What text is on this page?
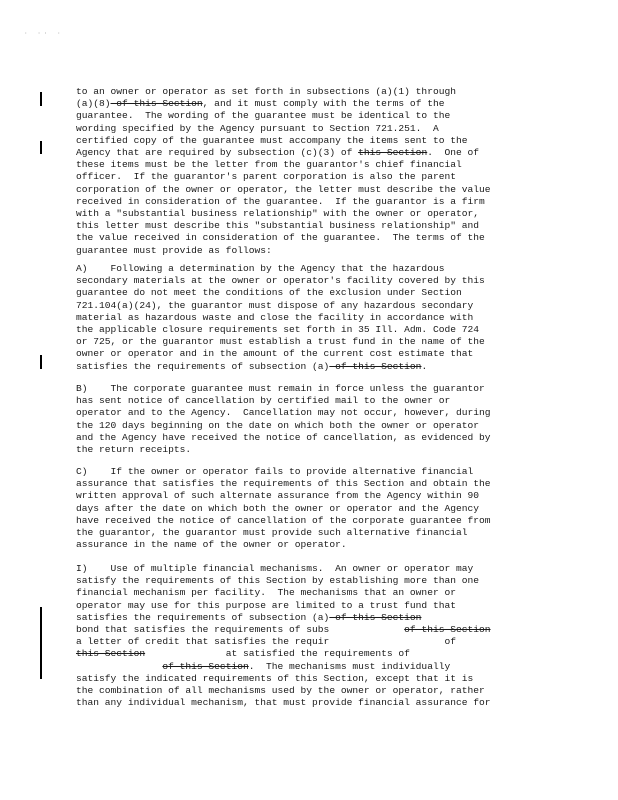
· ·· ·
to an owner or operator as set forth in subsections (a)(1) through
(a)(8) of this Section, and it must comply with the terms of the
guarantee.  The wording of the guarantee must be identical to the
wording specified by the Agency pursuant to Section 721.251.  A
certified copy of the guarantee must accompany the items sent to the
Agency that are required by subsection (c)(3) of this Section.  One of
these items must be the letter from the guarantor's chief financial
officer.  If the guarantor's parent corporation is also the parent
corporation of the owner or operator, the letter must describe the value
received in consideration of the guarantee.  If the guarantor is a firm
with a "substantial business relationship" with the owner or operator,
this letter must describe this "substantial business relationship" and
the value received in consideration of the guarantee.  The terms of the
guarantee must provide as follows:
A)    Following a determination by the Agency that the hazardous
secondary materials at the owner or operator's facility covered by this
guarantee do not meet the conditions of the exclusion under Section
721.104(a)(24), the guarantor must dispose of any hazardous secondary
material as hazardous waste and close the facility in accordance with
the applicable closure requirements set forth in 35 Ill. Adm. Code 724
or 725, or the guarantor must establish a trust fund in the name of the
owner or operator and in the amount of the current cost estimate that
satisfies the requirements of subsection (a) of this Section.
B)    The corporate guarantee must remain in force unless the guarantor
has sent notice of cancellation by certified mail to the owner or
operator and to the Agency.  Cancellation may not occur, however, during
the 120 days beginning on the date on which both the owner or operator
and the Agency have received the notice of cancellation, as evidenced by
the return receipts.
C)    If the owner or operator fails to provide alternative financial
assurance that satisfies the requirements of this Section and obtain the
written approval of such alternate assurance from the Agency within 90
days after the date on which both the owner or operator and the Agency
have received the notice of cancellation of the corporate guarantee from
the guarantor, the guarantor must provide such alternative financial
assurance in the name of the owner or operator.
I)    Use of multiple financial mechanisms.  An owner or operator may
satisfy the requirements of this Section by establishing more than one
financial mechanism per facility.  The mechanisms that an owner or
operator may use for this purpose are limited to a trust fund that
satisfies the requirements of subsection (a) of this Section
bond that satisfies the requirements of subs	of this Section
a letter of credit that satisfies the requir	of
this Section              at satisfied the requirements of
of this Section.  The mechanisms must individually
satisfy the indicated requirements of this Section, except that it is
the combination of all mechanisms used by the owner or operator, rather
than any individual mechanism, that must provide financial assurance for
